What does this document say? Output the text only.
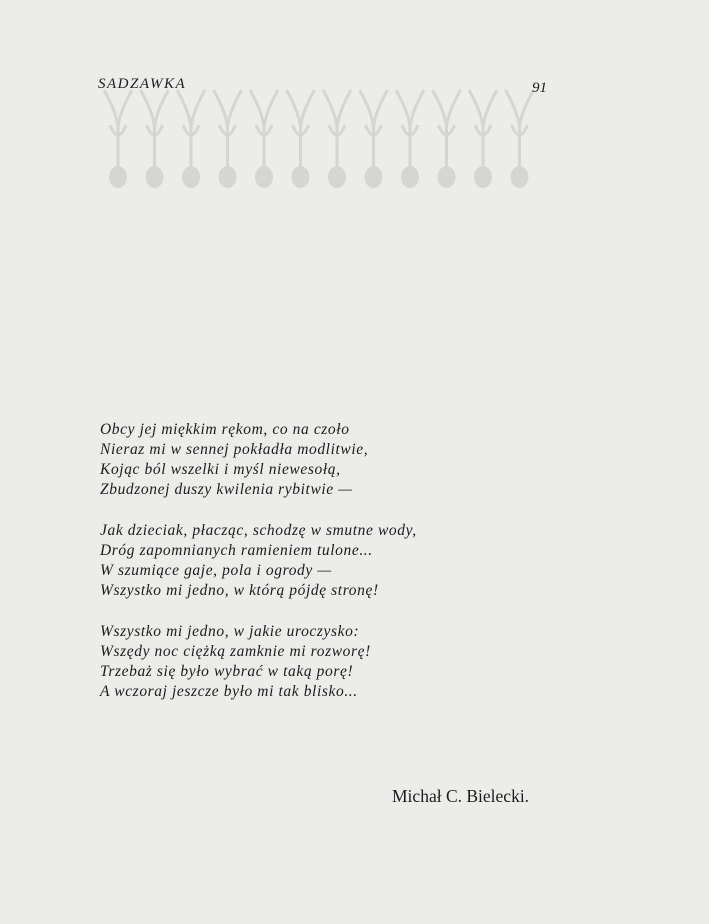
SADZAWKA	91
Obcy jej miękkim rękom, co na czoło
Nieraz mi w sennej pokładła modlitwie,
Kojąc ból wszelki i myśl niewesołą,
Zbudzonej duszy kwilenia rybitwie —
Jak dzieciak, płacząc, schodzę w smutne wody,
Dróg zapomnianych ramieniem tulone...
W szumiące gaje, pola i ogrody —
Wszystko mi jedno, w którą pójdę stronę!
Wszystko mi jedno, w jakie uroczysko:
Wszędy noc ciężką zamknie mi rozworę!
Trzebaż się było wybrać w taką porę!
A wczoraj jeszcze było mi tak blisko...
Michał C. Bielecki.
